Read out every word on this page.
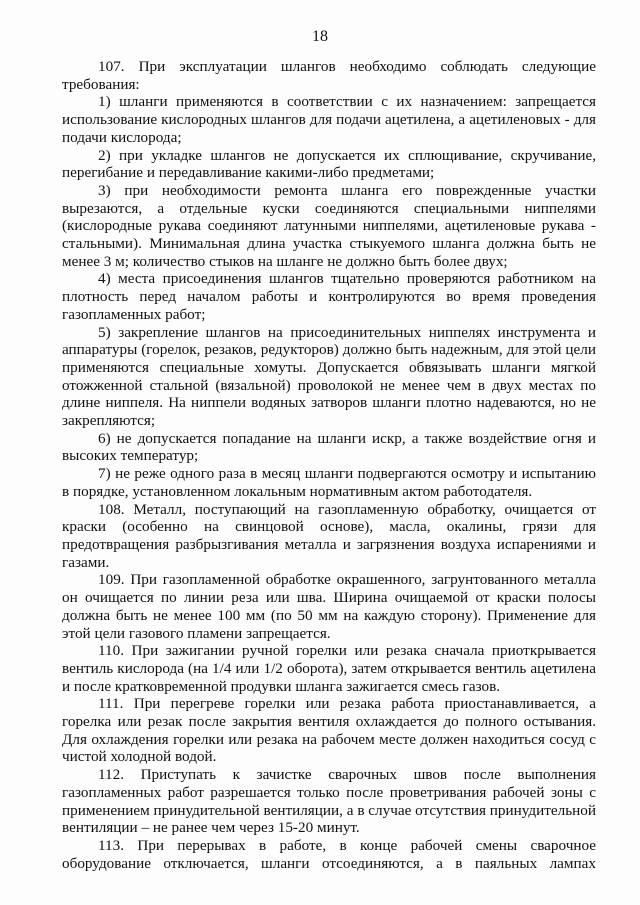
18

107. При эксплуатации шлангов необходимо соблюдать следующие требования:

1) шланги применяются в соответствии с их назначением: запрещается использование кислородных шлангов для подачи ацетилена, а ацетиленовых - для подачи кислорода;

2) при укладке шлангов не допускается их сплющивание, скручивание, перегибание и передавливание какими-либо предметами;

3) при необходимости ремонта шланга его поврежденные участки вырезаются, а отдельные куски соединяются специальными ниппелями (кислородные рукава соединяют латунными ниппелями, ацетиленовые рукава - стальными). Минимальная длина участка стыкуемого шланга должна быть не менее 3 м; количество стыков на шланге не должно быть более двух;

4) места присоединения шлангов тщательно проверяются работником на плотность перед началом работы и контролируются во время проведения газопламенных работ;

5) закрепление шлангов на присоединительных ниппелях инструмента и аппаратуры (горелок, резаков, редукторов) должно быть надежным, для этой цели применяются специальные хомуты. Допускается обвязывать шланги мягкой отожженной стальной (вязальной) проволокой не менее чем в двух местах по длине ниппеля. На ниппели водяных затворов шланги плотно надеваются, но не закрепляются;

6) не допускается попадание на шланги искр, а также воздействие огня и высоких температур;

7) не реже одного раза в месяц шланги подвергаются осмотру и испытанию в порядке, установленном локальным нормативным актом работодателя.

108. Металл, поступающий на газопламенную обработку, очищается от краски (особенно на свинцовой основе), масла, окалины, грязи для предотвращения разбрызгивания металла и загрязнения воздуха испарениями и газами.

109. При газопламенной обработке окрашенного, загрунтованного металла он очищается по линии реза или шва. Ширина очищаемой от краски полосы должна быть не менее 100 мм (по 50 мм на каждую сторону). Применение для этой цели газового пламени запрещается.

110. При зажигании ручной горелки или резака сначала приоткрывается вентиль кислорода (на 1/4 или 1/2 оборота), затем открывается вентиль ацетилена и после кратковременной продувки шланга зажигается смесь газов.

111. При перегреве горелки или резака работа приостанавливается, а горелка или резак после закрытия вентиля охлаждается до полного остывания. Для охлаждения горелки или резака на рабочем месте должен находиться сосуд с чистой холодной водой.

112. Приступать к зачистке сварочных швов после выполнения газопламенных работ разрешается только после проветривания рабочей зоны с применением принудительной вентиляции, а в случае отсутствия принудительной вентиляции – не ранее чем через 15-20 минут.

113. При перерывах в работе, в конце рабочей смены сварочное оборудование отключается, шланги отсоединяются, а в паяльных лампах
